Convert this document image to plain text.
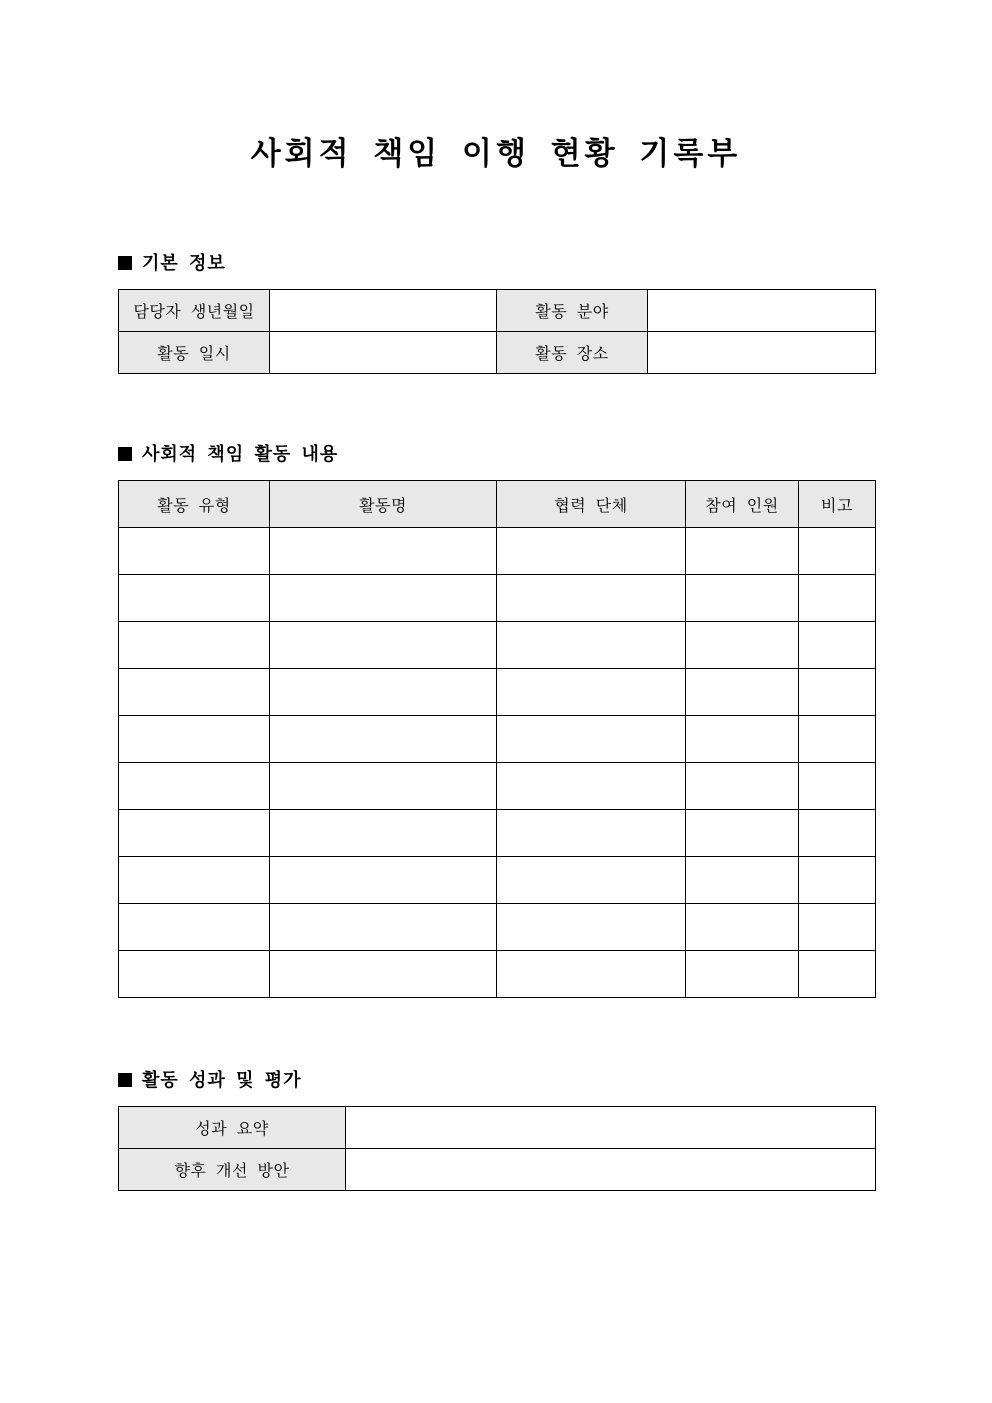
사회적 책임 이행 현황 기록부
기본 정보
담당자 생년월일		활동 분야	
활동 일시		활동 장소	
사회적 책임 활동 내용
활동 유형	활동명	협력 단체	참여 인원	비고

활동 성과 및 평가
성과 요약	
향후 개선 방안	
